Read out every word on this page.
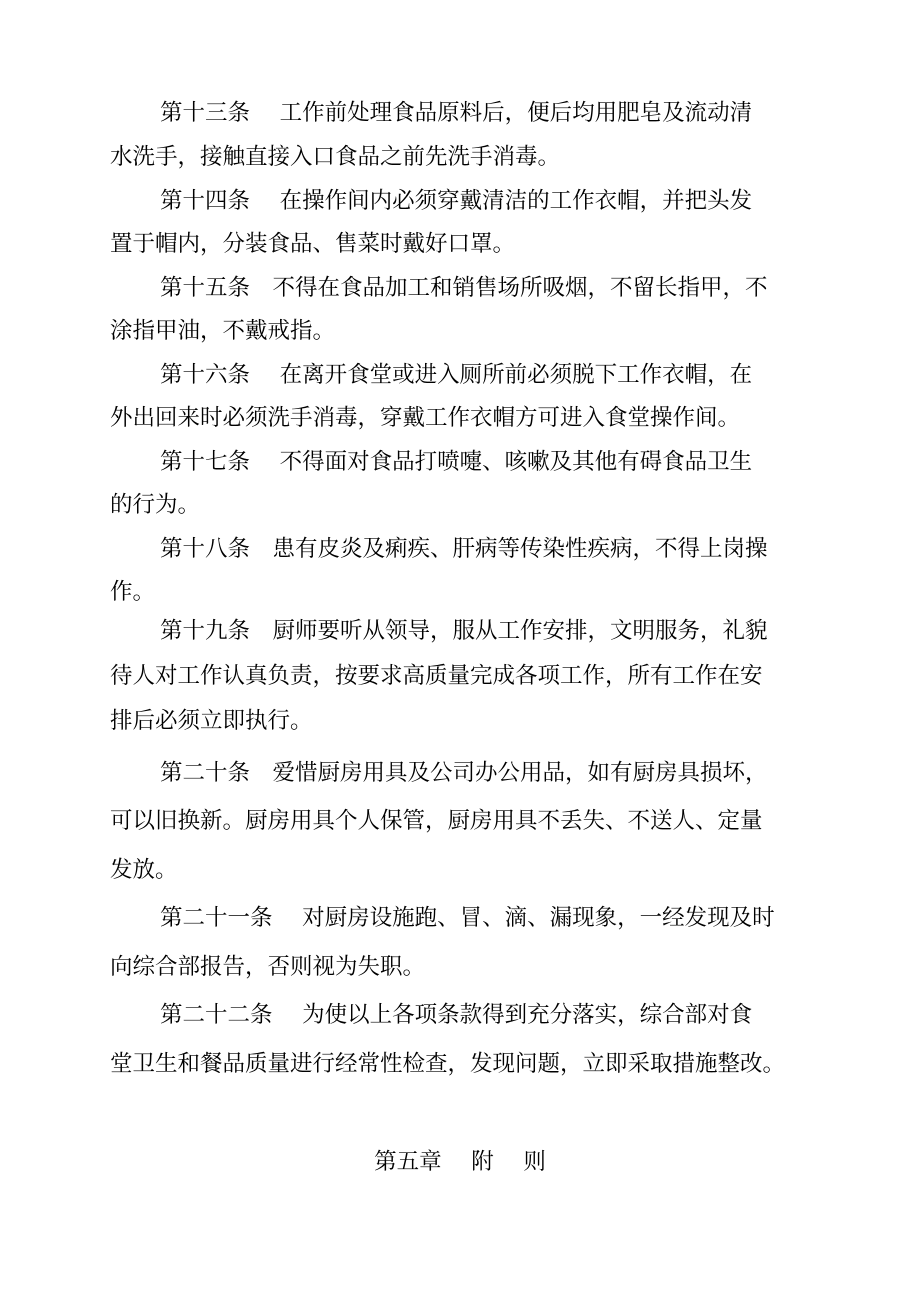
第十三条　 工作前处理食品原料后，便后均用肥皂及流动清
水洗手，接触直接入口食品之前先洗手消毒。
第十四条　 在操作间内必须穿戴清洁的工作衣帽，并把头发
置于帽内，分装食品、售菜时戴好口罩。
第十五条　不得在食品加工和销售场所吸烟，不留长指甲，不
涂指甲油，不戴戒指。
第十六条　 在离开食堂或进入厕所前必须脱下工作衣帽，在
外出回来时必须洗手消毒，穿戴工作衣帽方可进入食堂操作间。
第十七条　 不得面对食品打喷嚏、咳嗽及其他有碍食品卫生
的行为。
第十八条　患有皮炎及痢疾、肝病等传染性疾病，不得上岗操
作。
第十九条　厨师要听从领导，服从工作安排，文明服务，礼貌
待人对工作认真负责，按要求高质量完成各项工作，所有工作在安
排后必须立即执行。
第二十条　爱惜厨房用具及公司办公用品，如有厨房具损坏，
可以旧换新。厨房用具个人保管，厨房用具不丢失、不送人、定量
发放。
第二十一条　 对厨房设施跑、冒、滴、漏现象，一经发现及时
向综合部报告，否则视为失职。
第二十二条　 为使以上各项条款得到充分落实，综合部对食
堂卫生和餐品质量进行经常性检查，发现问题，立即采取措施整改。
第五章　 附　 则
